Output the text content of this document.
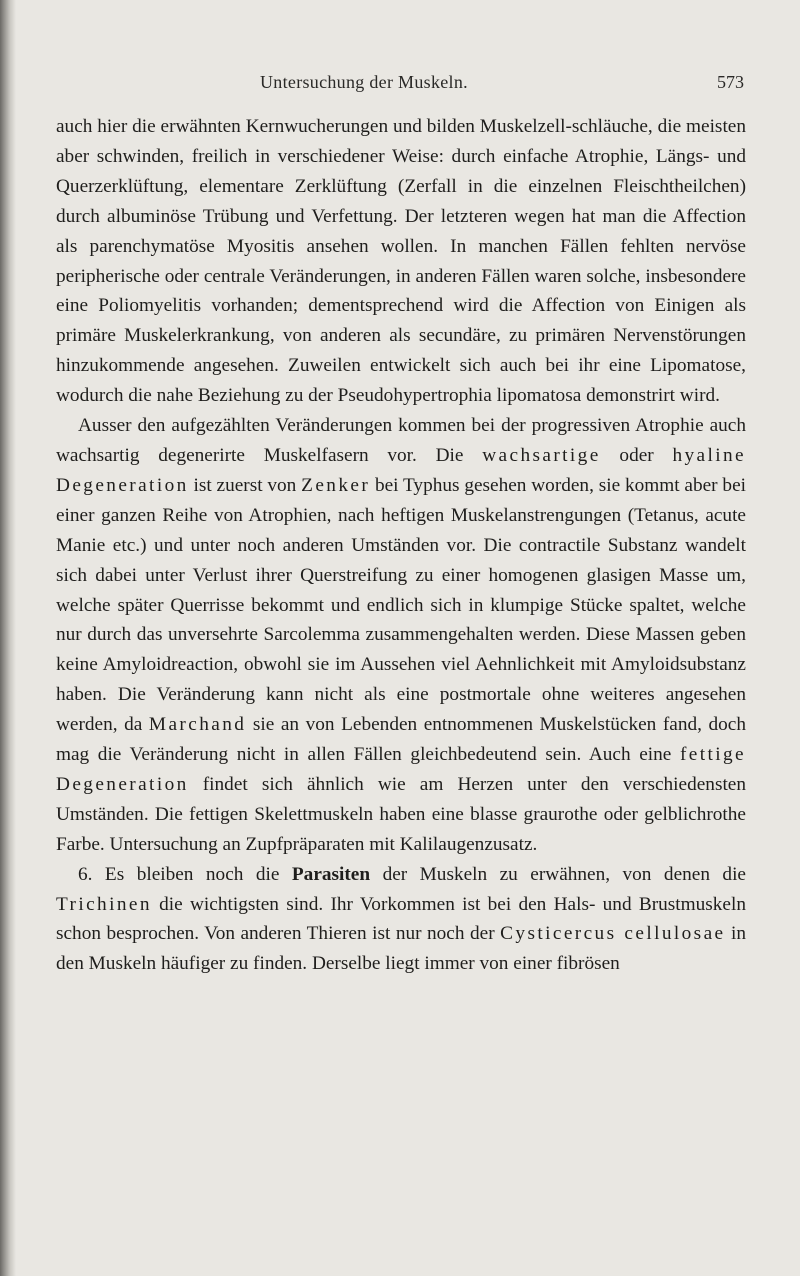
Untersuchung der Muskeln.	573

auch hier die erwähnten Kernwucherungen und bilden Muskelzell-schläuche, die meisten aber schwinden, freilich in verschiedener Weise: durch einfache Atrophie, Längs- und Querzerklüftung, elementare Zerklüftung (Zerfall in die einzelnen Fleischtheilchen) durch albuminöse Trübung und Verfettung. Der letzteren wegen hat man die Affection als parenchymatöse Myositis ansehen wollen. In manchen Fällen fehlten nervöse peripherische oder centrale Veränderungen, in anderen Fällen waren solche, insbesondere eine Poliomyelitis vorhanden; dementsprechend wird die Affection von Einigen als primäre Muskelerkrankung, von anderen als secundäre, zu primären Nervenstörungen hinzukommende angesehen. Zuweilen entwickelt sich auch bei ihr eine Lipomatose, wodurch die nahe Beziehung zu der Pseudohypertrophia lipomatosa demonstrirt wird.

Ausser den aufgezählten Veränderungen kommen bei der progressiven Atrophie auch wachsartig degenerirte Muskelfasern vor. Die wachsartige oder hyaline Degeneration ist zuerst von Zenker bei Typhus gesehen worden, sie kommt aber bei einer ganzen Reihe von Atrophien, nach heftigen Muskelanstrengungen (Tetanus, acute Manie etc.) und unter noch anderen Umständen vor. Die contractile Substanz wandelt sich dabei unter Verlust ihrer Querstreifung zu einer homogenen glasigen Masse um, welche später Querrisse bekommt und endlich sich in klumpige Stücke spaltet, welche nur durch das unversehrte Sarcolemma zusammengehalten werden. Diese Massen geben keine Amyloidreaction, obwohl sie im Aussehen viel Aehnlichkeit mit Amyloidsubstanz haben. Die Veränderung kann nicht als eine postmortale ohne weiteres angesehen werden, da Marchand sie an von Lebenden entnommenen Muskelstücken fand, doch mag die Veränderung nicht in allen Fällen gleichbedeutend sein. Auch eine fettige Degeneration findet sich ähnlich wie am Herzen unter den verschiedensten Umständen. Die fettigen Skelettmuskeln haben eine blasse graurothe oder gelblichrothe Farbe. Untersuchung an Zupfpräparaten mit Kalilaugenzusatz.

6. Es bleiben noch die Parasiten der Muskeln zu erwähnen, von denen die Trichinen die wichtigsten sind. Ihr Vorkommen ist bei den Hals- und Brustmuskeln schon besprochen. Von anderen Thieren ist nur noch der Cysticercus cellulosae in den Muskeln häufiger zu finden. Derselbe liegt immer von einer fibrösen
